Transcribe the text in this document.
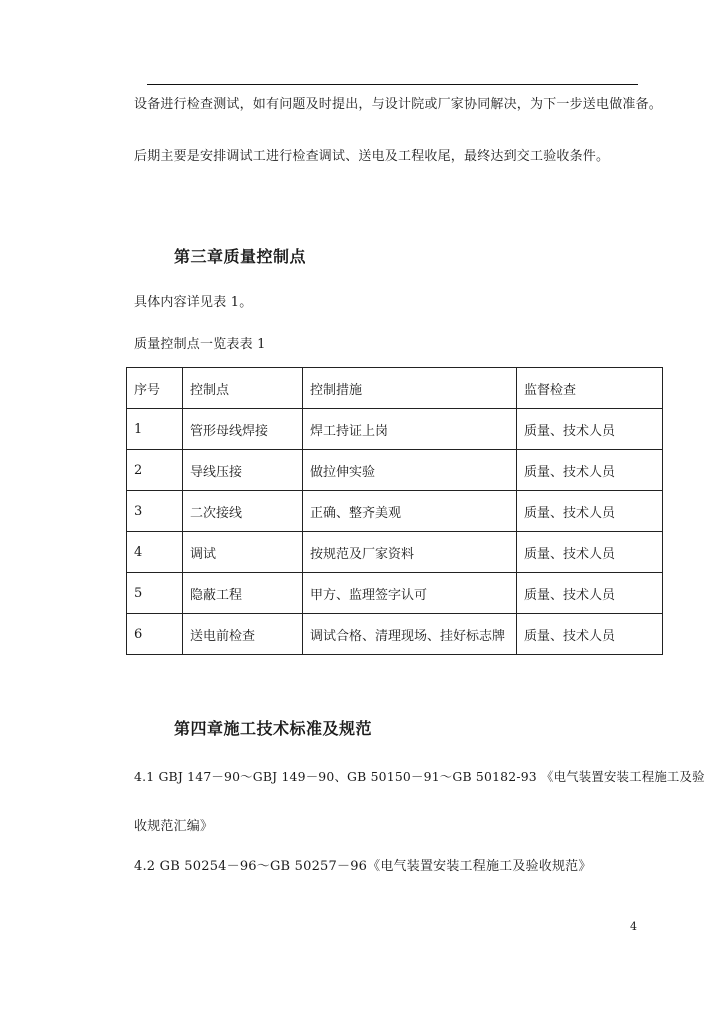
设备进行检查测试，如有问题及时提出，与设计院或厂家协同解决，为下一步送电做准备。
后期主要是安排调试工进行检查调试、送电及工程收尾，最终达到交工验收条件。
第三章质量控制点
具体内容详见表 1。
质量控制点一览表表 1
序号	控制点	控制措施	监督检查
1	管形母线焊接	焊工持证上岗	质量、技术人员
2	导线压接	做拉伸实验	质量、技术人员
3	二次接线	正确、整齐美观	质量、技术人员
4	调试	按规范及厂家资料	质量、技术人员
5	隐蔽工程	甲方、监理签字认可	质量、技术人员
6	送电前检查	调试合格、清理现场、挂好标志牌	质量、技术人员
第四章施工技术标准及规范
4.1 GBJ 147－90～GBJ 149－90、GB 50150－91～GB 50182-93 《电气装置安装工程施工及验
收规范汇编》
4.2 GB 50254－96～GB 50257－96《电气装置安装工程施工及验收规范》
4
